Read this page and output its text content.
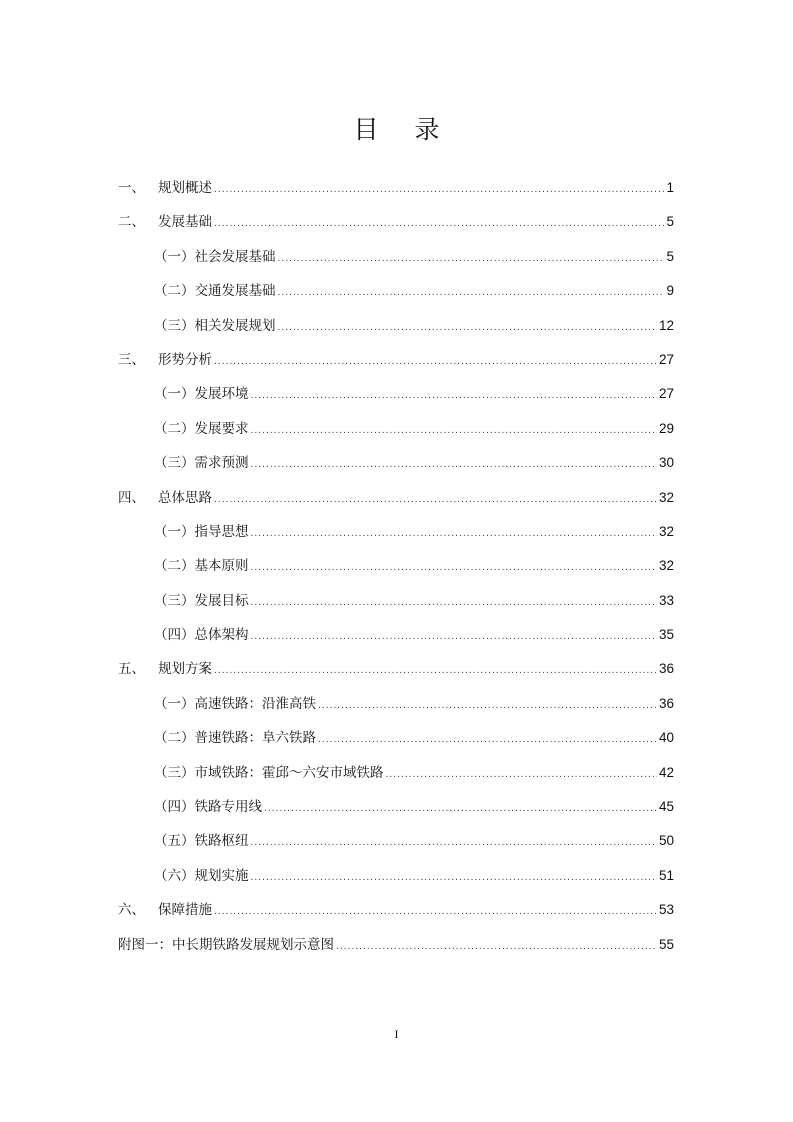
目 录
一、 规划概述 .....	1
二、 发展基础 .....	5
（一） 社会发展基础 .....	5
（二） 交通发展基础 .....	9
（三） 相关发展规划 .....	12
三、 形势分析 .....	27
（一） 发展环境 .....	27
（二） 发展要求 .....	29
（三） 需求预测 .....	30
四、 总体思路 .....	32
（一） 指导思想 .....	32
（二） 基本原则 .....	32
（三） 发展目标 .....	33
（四） 总体架构 .....	35
五、 规划方案 .....	36
（一） 高速铁路：沿淮高铁 .....	36
（二） 普速铁路：阜六铁路 .....	40
（三） 市域铁路：霍邱～六安市域铁路 .....	42
（四） 铁路专用线 .....	45
（五） 铁路枢纽 .....	50
（六） 规划实施 .....	51
六、 保障措施 .....	53
附图一： 中长期铁路发展规划示意图 .....	55
I
